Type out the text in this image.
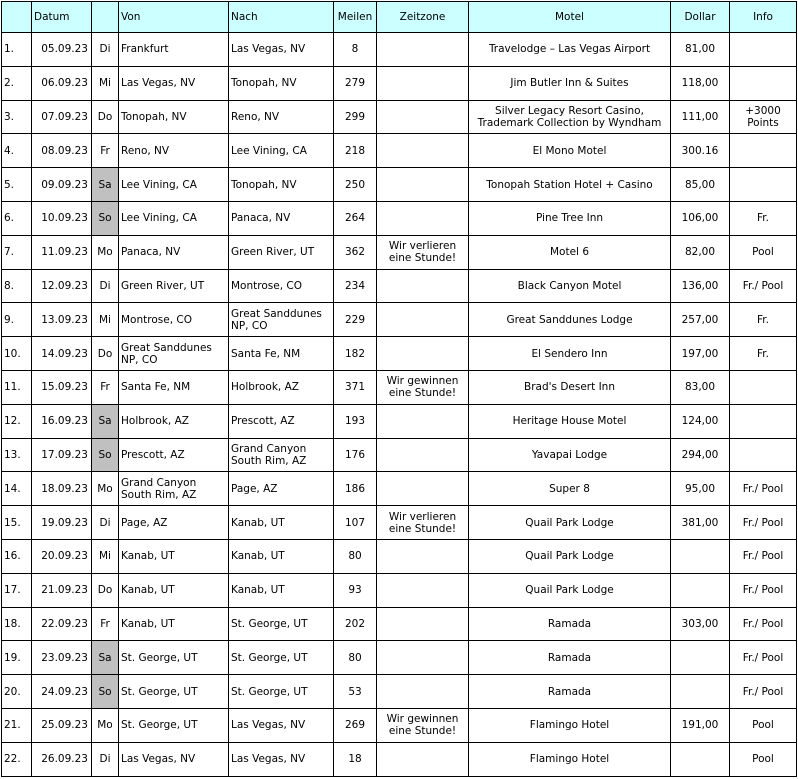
	Datum		Von	Nach	Meilen	Zeitzone	Motel	Dollar	Info
1.	05.09.23	Di	Frankfurt	Las Vegas, NV	8		Travelodge – Las Vegas Airport	81,00	
2.	06.09.23	Mi	Las Vegas, NV	Tonopah, NV	279		Jim Butler Inn & Suites	118,00	
3.	07.09.23	Do	Tonopah, NV	Reno, NV	299		Silver Legacy Resort Casino, Trademark Collection by Wyndham	111,00	+3000 Points
4.	08.09.23	Fr	Reno, NV	Lee Vining, CA	218		El Mono Motel	300.16	
5.	09.09.23	Sa	Lee Vining, CA	Tonopah, NV	250		Tonopah Station Hotel + Casino	85,00	
6.	10.09.23	So	Lee Vining, CA	Panaca, NV	264		Pine Tree Inn	106,00	Fr.
7.	11.09.23	Mo	Panaca, NV	Green River, UT	362	Wir verlieren eine Stunde!	Motel 6	82,00	Pool
8.	12.09.23	Di	Green River, UT	Montrose, CO	234		Black Canyon Motel	136,00	Fr./ Pool
9.	13.09.23	Mi	Montrose, CO	Great Sanddunes NP, CO	229		Great Sanddunes Lodge	257,00	Fr.
10.	14.09.23	Do	Great Sanddunes NP, CO	Santa Fe, NM	182		El Sendero Inn	197,00	Fr.
11.	15.09.23	Fr	Santa Fe, NM	Holbrook, AZ	371	Wir gewinnen eine Stunde!	Brad's Desert Inn	83,00	
12.	16.09.23	Sa	Holbrook, AZ	Prescott, AZ	193		Heritage House Motel	124,00	
13.	17.09.23	So	Prescott, AZ	Grand Canyon South Rim, AZ	176		Yavapai Lodge	294,00	
14.	18.09.23	Mo	Grand Canyon South Rim, AZ	Page, AZ	186		Super 8	95,00	Fr./ Pool
15.	19.09.23	Di	Page, AZ	Kanab, UT	107	Wir verlieren eine Stunde!	Quail Park Lodge	381,00	Fr./ Pool
16.	20.09.23	Mi	Kanab, UT	Kanab, UT	80		Quail Park Lodge		Fr./ Pool
17.	21.09.23	Do	Kanab, UT	Kanab, UT	93		Quail Park Lodge		Fr./ Pool
18.	22.09.23	Fr	Kanab, UT	St. George, UT	202		Ramada	303,00	Fr./ Pool
19.	23.09.23	Sa	St. George, UT	St. George, UT	80		Ramada		Fr./ Pool
20.	24.09.23	So	St. George, UT	St. George, UT	53		Ramada		Fr./ Pool
21.	25.09.23	Mo	St. George, UT	Las Vegas, NV	269	Wir gewinnen eine Stunde!	Flamingo Hotel	191,00	Pool
22.	26.09.23	Di	Las Vegas, NV	Las Vegas, NV	18		Flamingo Hotel		Pool
